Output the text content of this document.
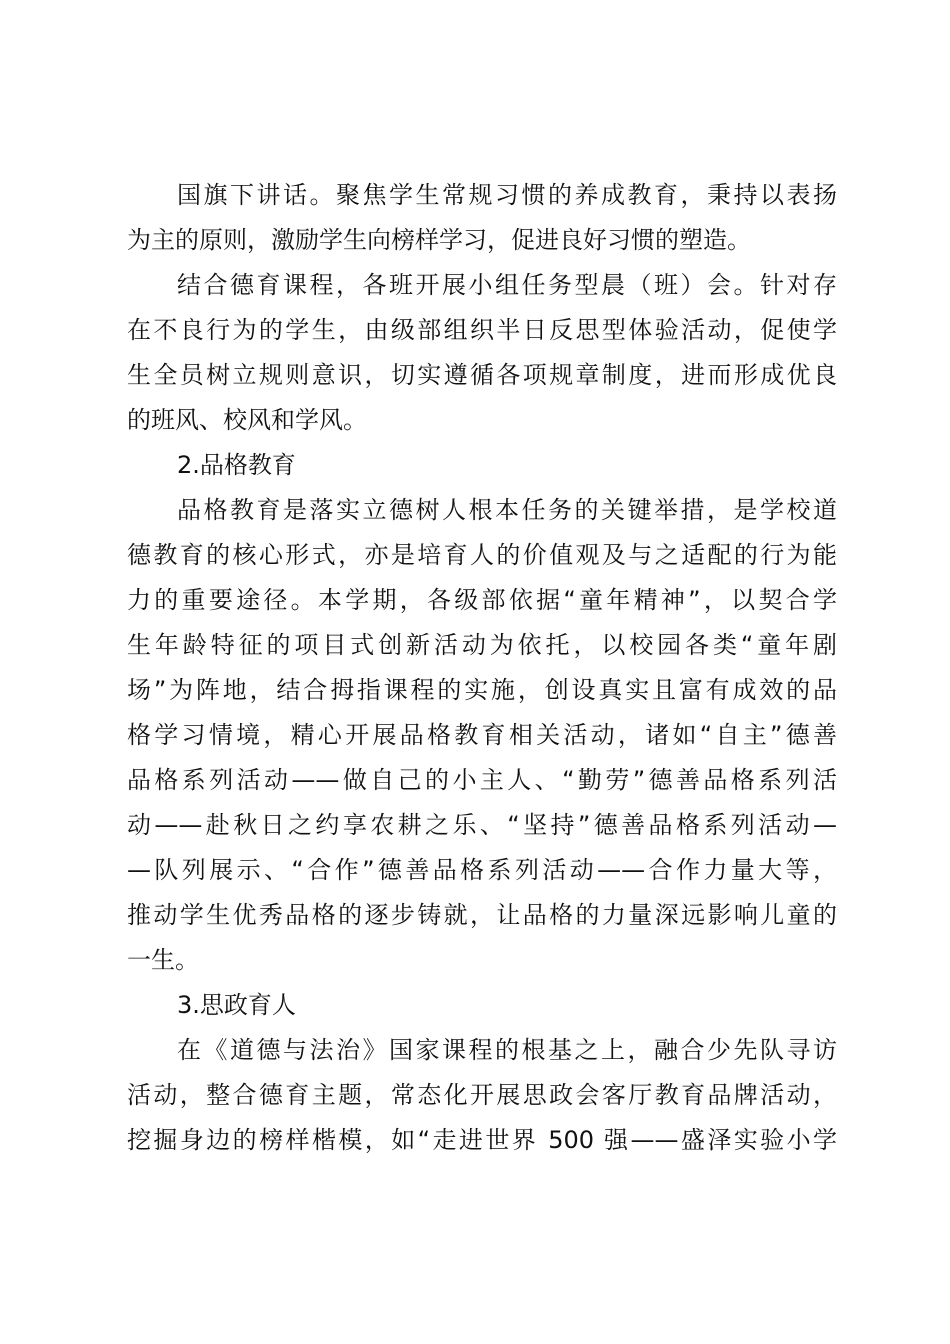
国旗下讲话。聚焦学生常规习惯的养成教育，秉持以表扬
为主的原则，激励学生向榜样学习，促进良好习惯的塑造。
结合德育课程，各班开展小组任务型晨（班）会。针对存
在不良行为的学生，由级部组织半日反思型体验活动，促使学
生全员树立规则意识，切实遵循各项规章制度，进而形成优良
的班风、校风和学风。
2.品格教育
品格教育是落实立德树人根本任务的关键举措，是学校道
德教育的核心形式，亦是培育人的价值观及与之适配的行为能
力的重要途径。本学期，各级部依据“童年精神”，以契合学
生年龄特征的项目式创新活动为依托，以校园各类“童年剧
场”为阵地，结合拇指课程的实施，创设真实且富有成效的品
格学习情境，精心开展品格教育相关活动，诸如“自主”德善
品格系列活动——做自己的小主人、“勤劳”德善品格系列活
动——赴秋日之约享农耕之乐、“坚持”德善品格系列活动—
—队列展示、“合作”德善品格系列活动——合作力量大等，
推动学生优秀品格的逐步铸就，让品格的力量深远影响儿童的
一生。
3.思政育人
在《道德与法治》国家课程的根基之上，融合少先队寻访
活动，整合德育主题，常态化开展思政会客厅教育品牌活动，
挖掘身边的榜样楷模，如“走进世界 500 强——盛泽实验小学
